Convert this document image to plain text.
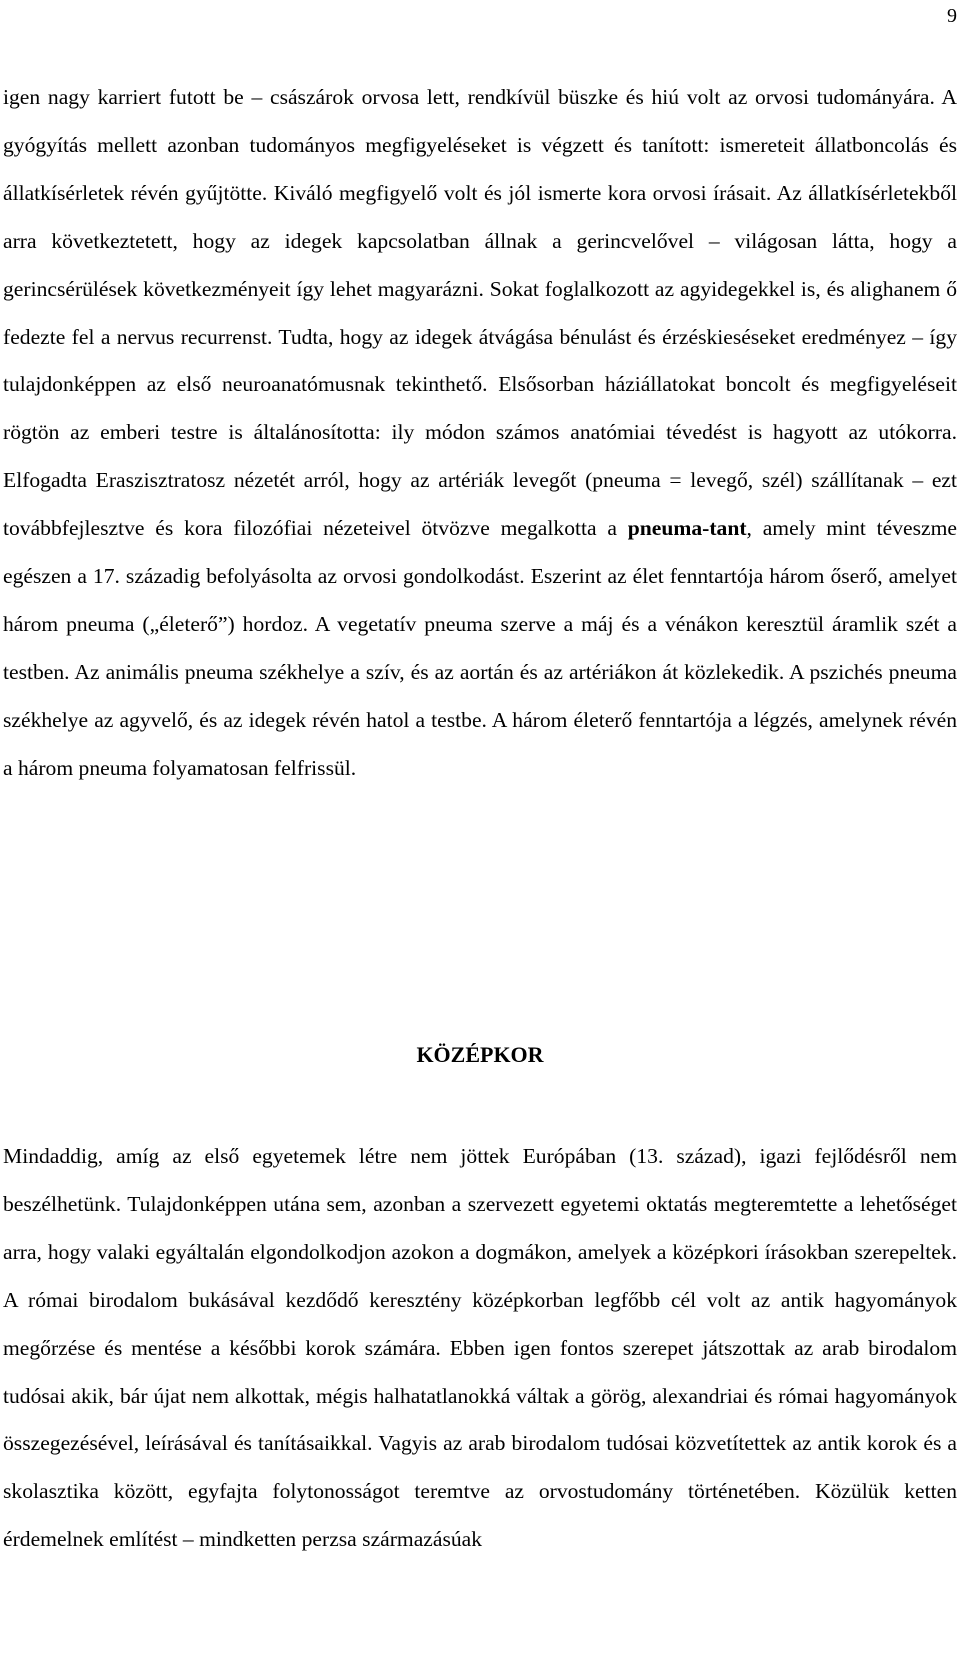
9

igen nagy karriert futott be – császárok orvosa lett, rendkívül büszke és hiú volt az orvosi tudományára. A gyógyítás mellett azonban tudományos megfigyeléseket is végzett és tanított: ismereteit állatboncolás és állatkísérletek révén gyűjtötte. Kiváló megfigyelő volt és jól ismerte kora orvosi írásait. Az állatkísérletekből arra következtetett, hogy az idegek kapcsolatban állnak a gerincvelővel – világosan látta, hogy a gerincsérülések következményeit így lehet magyarázni. Sokat foglalkozott az agyidegekkel is, és alighanem ő fedezte fel a nervus recurrenst. Tudta, hogy az idegek átvágása bénulást és érzéskieséseket eredményez – így tulajdonképpen az első neuroanatómusnak tekinthető. Elsősorban háziállatokat boncolt és megfigyeléseit rögtön az emberi testre is általánosította: ily módon számos anatómiai tévedést is hagyott az utókorra. Elfogadta Eraszisztratosz nézetét arról, hogy az artériák levegőt (pneuma = levegő, szél) szállítanak – ezt továbbfejlesztve és kora filozófiai nézeteivel ötvözve megalkotta a pneuma-tant, amely mint téveszme egészen a 17. századig befolyásolta az orvosi gondolkodást. Eszerint az élet fenntartója három őserő, amelyet három pneuma („életerő”) hordoz. A vegetatív pneuma szerve a máj és a vénákon keresztül áramlik szét a testben. Az animális pneuma székhelye a szív, és az aortán és az artériákon át közlekedik. A pszichés pneuma székhelye az agyvelő, és az idegek révén hatol a testbe. A három életerő fenntartója a légzés, amelynek révén a három pneuma folyamatosan felfrissül.

KÖZÉPKOR

Mindaddig, amíg az első egyetemek létre nem jöttek Európában (13. század), igazi fejlődésről nem beszélhetünk. Tulajdonképpen utána sem, azonban a szervezett egyetemi oktatás megteremtette a lehetőséget arra, hogy valaki egyáltalán elgondolkodjon azokon a dogmákon, amelyek a középkori írásokban szerepeltek. A római birodalom bukásával kezdődő keresztény középkorban legfőbb cél volt az antik hagyományok megőrzése és mentése a későbbi korok számára. Ebben igen fontos szerepet játszottak az arab birodalom tudósai akik, bár újat nem alkottak, mégis halhatatlanokká váltak a görög, alexandriai és római hagyományok összegezésével, leírásával és tanításaikkal. Vagyis az arab birodalom tudósai közvetítettek az antik korok és a skolasztika között, egyfajta folytonosságot teremtve az orvostudomány történetében. Közülük ketten érdemelnek említést – mindketten perzsa származásúak
